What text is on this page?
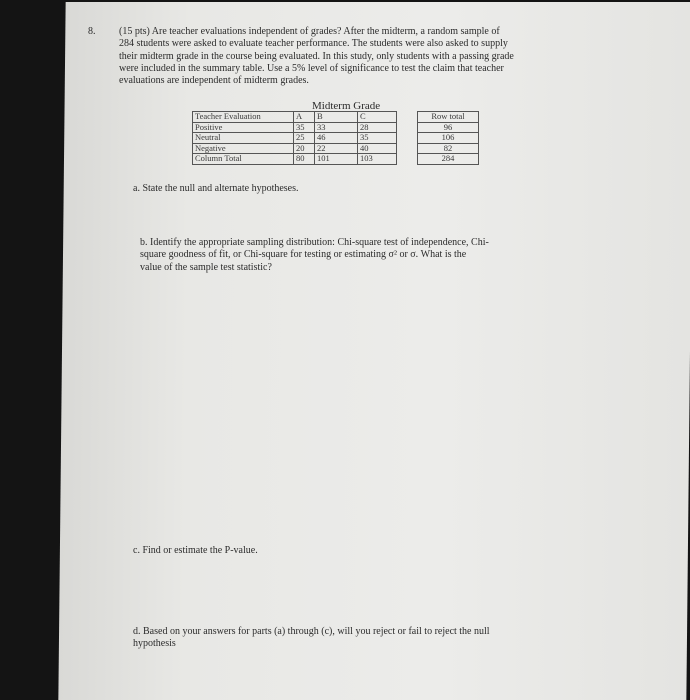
8. (15 pts) Are teacher evaluations independent of grades? After the midterm, a random sample of
284 students were asked to evaluate teacher performance. The students were also asked to supply
their midterm grade in the course being evaluated. In this study, only students with a passing grade
were included in the summary table. Use a 5% level of significance to test the claim that teacher
evaluations are independent of midterm grades.
Midterm Grade
Teacher Evaluation	A	B	C		Row total
Positive	35	33	28		96
Neutral	25	46	35		106
Negative	20	22	40		82
Column Total	80	101	103		284
a. State the null and alternate hypotheses.
b. Identify the appropriate sampling distribution: Chi-square test of independence, Chi-
square goodness of fit, or Chi-square for testing or estimating σ² or σ. What is the
value of the sample test statistic?
c. Find or estimate the P-value.
d. Based on your answers for parts (a) through (c), will you reject or fail to reject the null
hypothesis
